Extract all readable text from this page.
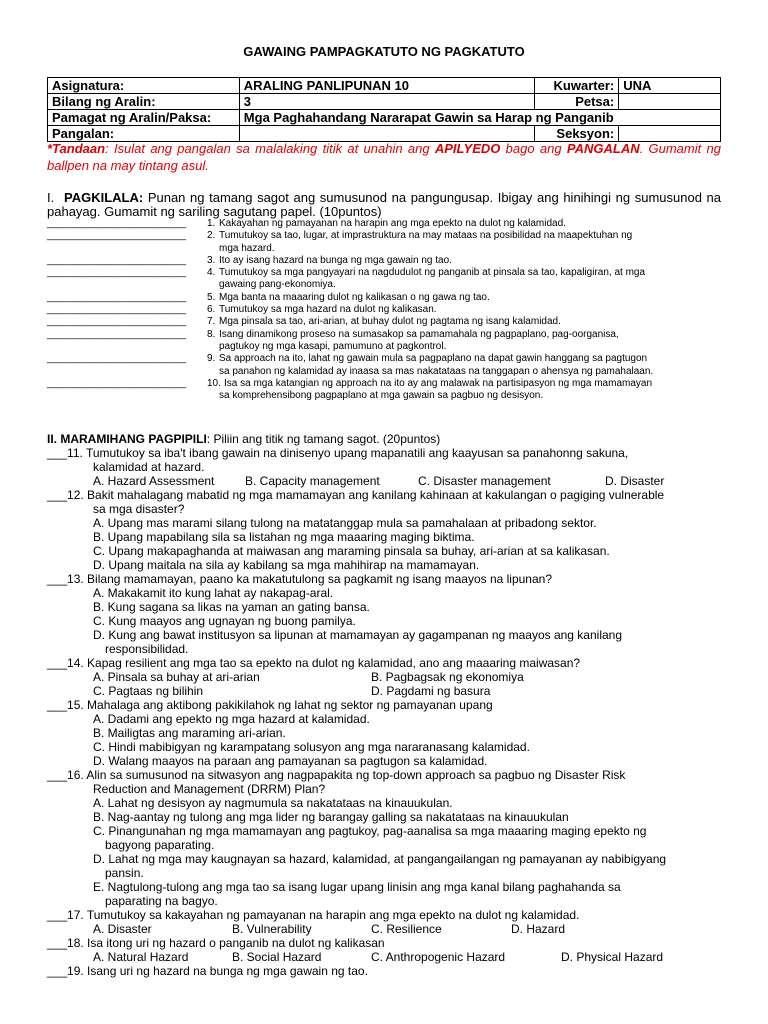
GAWAING PAMPAGKATUTO NG PAGKATUTO
Asignatura:	ARALING PANLIPUNAN 10	Kuwarter:	UNA
Bilang ng Aralin:	3	Petsa:	
Pamagat ng Aralin/Paksa:	Mga Paghahandang Nararapat Gawin sa Harap ng Panganib		
Pangalan:		Seksyon:	
*Tandaan: Isulat ang pangalan sa malalaking titik at unahin ang APILYEDO bago ang PANGALAN. Gumamit ng ballpen na may tintang asul.
I. PAGKILALA: Punan ng tamang sagot ang sumusunod na pangungusap. Ibigay ang hinihingi ng sumusunod na pahayag. Gumamit ng sariling sagutang papel. (10puntos)
_________________________ 1. Kakayahan ng pamayanan na harapin ang mga epekto na dulot ng kalamidad.
_________________________ 2. Tumutukoy sa tao, lugar, at imprastruktura na may mataas na posibilidad na maapektuhan ng
mga hazard.
_________________________ 3. Ito ay isang hazard na bunga ng mga gawain ng tao.
_________________________ 4. Tumutukoy sa mga pangyayari na nagdudulot ng panganib at pinsala sa tao, kapaligiran, at mga
gawaing pang-ekonomiya.
_________________________ 5. Mga banta na maaaring dulot ng kalikasan o ng gawa ng tao.
_________________________ 6. Tumutukoy sa mga hazard na dulot ng kalikasan.
_________________________ 7. Mga pinsala sa tao, ari-arian, at buhay dulot ng pagtama ng isang kalamidad.
_________________________ 8. Isang dinamikong proseso na sumasakop sa pamamahala ng pagpaplano, pag-oorganisa,
pagtukoy ng mga kasapi, pamumuno at pagkontrol.
_________________________ 9. Sa approach na ito, lahat ng gawain mula sa pagpaplano na dapat gawin hanggang sa pagtugon
sa panahon ng kalamidad ay inaasa sa mas nakatataas na tanggapan o ahensya ng pamahalaan.
_________________________ 10. Isa sa mga katangian ng approach na ito ay ang malawak na partisipasyon ng mga mamamayan
sa komprehensibong pagpaplano at mga gawain sa pagbuo ng desisyon.
II. MARAMIHANG PAGPIPILI: Piliin ang titik ng tamang sagot. (20puntos)
___11. Tumutukoy sa iba't ibang gawain na dinisenyo upang mapanatili ang kaayusan sa panahonng sakuna,
kalamidad at hazard.
A. Hazard Assessment	B. Capacity management	C. Disaster management	D. Disaster
___12. Bakit mahalagang mabatid ng mga mamamayan ang kanilang kahinaan at kakulangan o pagiging vulnerable
sa mga disaster?
A. Upang mas marami silang tulong na matatanggap mula sa pamahalaan at pribadong sektor.
B. Upang mapabilang sila sa listahan ng mga maaaring maging biktima.
C. Upang makapaghanda at maiwasan ang maraming pinsala sa buhay, ari-arian at sa kalikasan.
D. Upang maitala na sila ay kabilang sa mga mahihirap na mamamayan.
___13. Bilang mamamayan, paano ka makatutulong sa pagkamit ng isang maayos na lipunan?
A. Makakamit ito kung lahat ay nakapag-aral.
B. Kung sagana sa likas na yaman an gating bansa.
C. Kung maayos ang ugnayan ng buong pamilya.
D. Kung ang bawat institusyon sa lipunan at mamamayan ay gagampanan ng maayos ang kanilang
responsibilidad.
___14. Kapag resilient ang mga tao sa epekto na dulot ng kalamidad, ano ang maaaring maiwasan?
A. Pinsala sa buhay at ari-arian	B. Pagbagsak ng ekonomiya
C. Pagtaas ng bilihin	D. Pagdami ng basura
___15. Mahalaga ang aktibong pakikilahok ng lahat ng sektor ng pamayanan upang
A. Dadami ang epekto ng mga hazard at kalamidad.
B. Mailigtas ang maraming ari-arian.
C. Hindi mabibigyan ng karampatang solusyon ang mga nararanasang kalamidad.
D. Walang maayos na paraan ang pamayanan sa pagtugon sa kalamidad.
___16. Alin sa sumusunod na sitwasyon ang nagpapakita ng top-down approach sa pagbuo ng Disaster Risk
Reduction and Management (DRRM) Plan?
A. Lahat ng desisyon ay nagmumula sa nakatataas na kinauukulan.
B. Nag-aantay ng tulong ang mga lider ng barangay galling sa nakatataas na kinauukulan
C. Pinangunahan ng mga mamamayan ang pagtukoy, pag-aanalisa sa mga maaaring maging epekto ng
bagyong paparating.
D. Lahat ng mga may kaugnayan sa hazard, kalamidad, at pangangailangan ng pamayanan ay nabibigyang
pansin.
E. Nagtulong-tulong ang mga tao sa isang lugar upang linisin ang mga kanal bilang paghahanda sa
paparating na bagyo.
___17. Tumutukoy sa kakayahan ng pamayanan na harapin ang mga epekto na dulot ng kalamidad.
A. Disaster	B. Vulnerability	C. Resilience	D. Hazard
___18. Isa itong uri ng hazard o panganib na dulot ng kalikasan
A. Natural Hazard	B. Social Hazard	C. Anthropogenic Hazard	D. Physical Hazard
___19. Isang uri ng hazard na bunga ng mga gawain ng tao.
